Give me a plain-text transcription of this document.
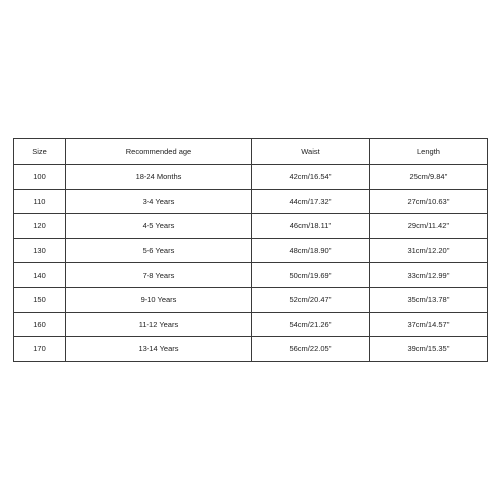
Size	Recommended age	Waist	Length
100	18-24 Months	42cm/16.54''	25cm/9.84''
110	3-4 Years	44cm/17.32''	27cm/10.63''
120	4-5 Years	46cm/18.11''	29cm/11.42''
130	5-6 Years	48cm/18.90''	31cm/12.20''
140	7-8 Years	50cm/19.69''	33cm/12.99''
150	9-10 Years	52cm/20.47''	35cm/13.78''
160	11-12 Years	54cm/21.26''	37cm/14.57''
170	13-14 Years	56cm/22.05''	39cm/15.35''
